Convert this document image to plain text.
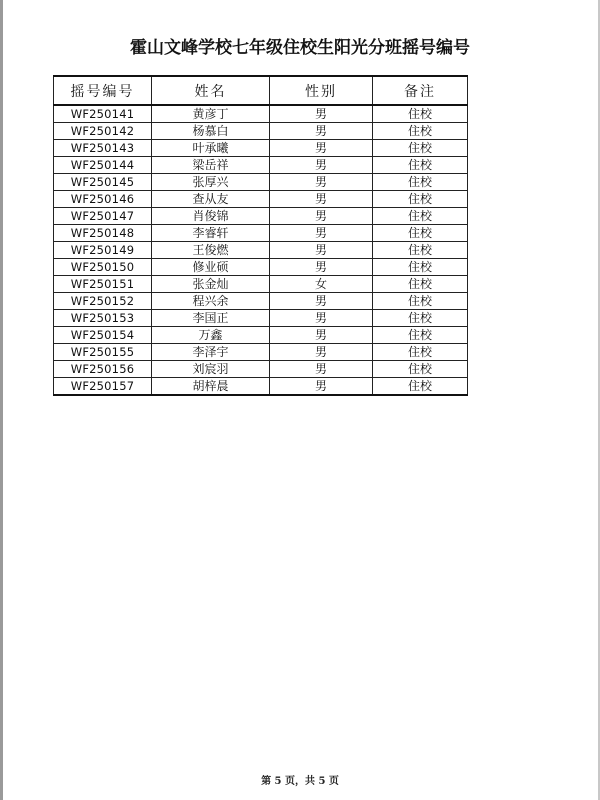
霍山文峰学校七年级住校生阳光分班摇号编号
摇号编号	姓名	性别	备注
WF250141	黄彦丁	男	住校
WF250142	杨慕白	男	住校
WF250143	叶承曦	男	住校
WF250144	梁岳祥	男	住校
WF250145	张厚兴	男	住校
WF250146	查从友	男	住校
WF250147	肖俊锦	男	住校
WF250148	李睿轩	男	住校
WF250149	王俊燃	男	住校
WF250150	修业硕	男	住校
WF250151	张金灿	女	住校
WF250152	程兴余	男	住校
WF250153	李国正	男	住校
WF250154	万鑫	男	住校
WF250155	李泽宇	男	住校
WF250156	刘宸羽	男	住校
WF250157	胡梓晨	男	住校
第 5 页，共 5 页
